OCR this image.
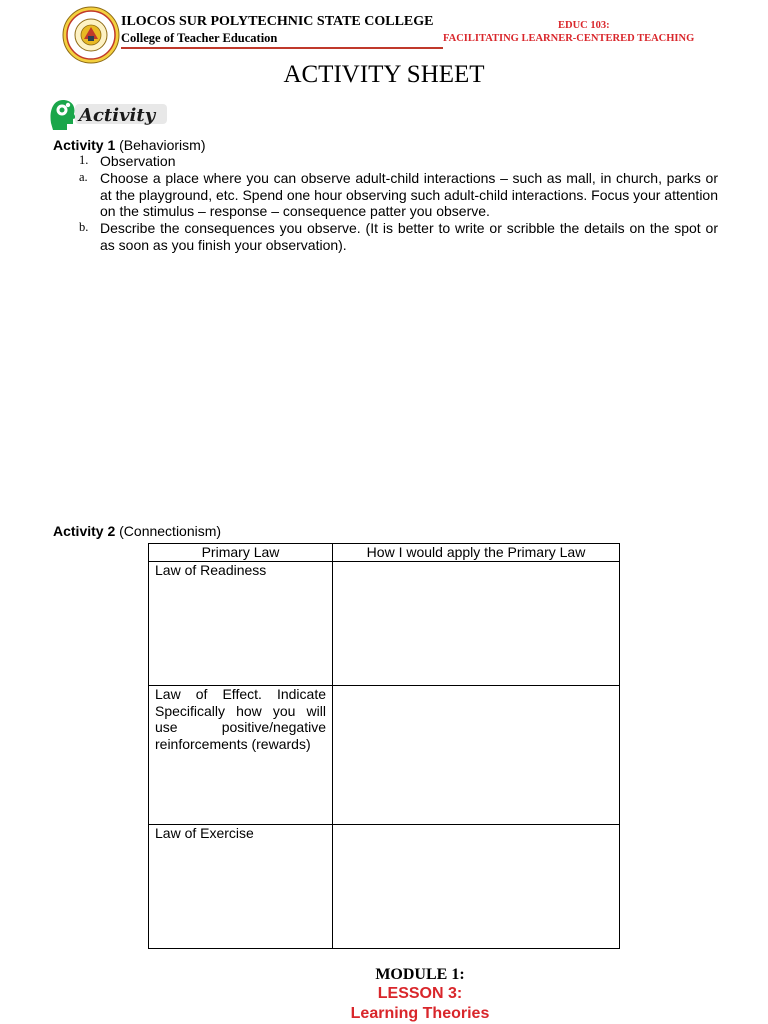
ILOCOS SUR POLYTECHNIC STATE COLLEGE
College of Teacher Education
EDUC 103:
FACILITATING LEARNER-CENTERED TEACHING
ACTIVITY SHEET
Activity
Activity 1 (Behaviorism)
1. Observation
a. Choose a place where you can observe adult-child interactions – such as mall, in church, parks or at the playground, etc. Spend one hour observing such adult-child interactions. Focus your attention on the stimulus – response – consequence patter you observe.
b. Describe the consequences you observe. (It is better to write or scribble the details on the spot or as soon as you finish your observation).
Activity 2 (Connectionism)
Primary Law	How I would apply the Primary Law
Law of Readiness	
Law of Effect. Indicate Specifically how you will use positive/negative reinforcements (rewards)	
Law of Exercise	
MODULE 1:
LESSON 3:
Learning Theories
